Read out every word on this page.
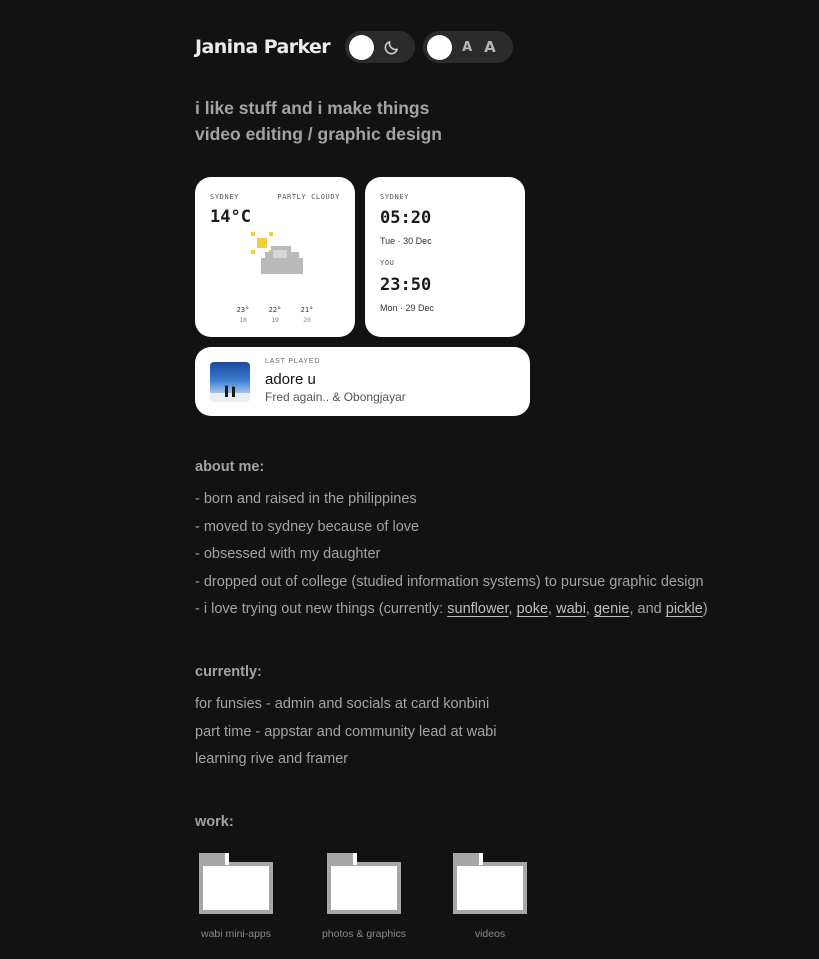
Janina Parker	A A
i like stuff and i make things
video editing / graphic design
SYDNEY	PARTLY CLOUDY
14°C
23°
18
22°
19
21°
20
SYDNEY
05:20
Tue · 30 Dec
YOU
23:50
Mon · 29 Dec
LAST PLAYED
adore u
Fred again.. & Obongjayar
about me:
- born and raised in the philippines
- moved to sydney because of love
- obsessed with my daughter
- dropped out of college (studied information systems) to pursue graphic design
- i love trying out new things (currently: sunflower, poke, wabi, genie, and pickle)
currently:
for funsies - admin and socials at card konbini
part time - appstar and community lead at wabi
learning rive and framer
work:
wabi mini-apps	photos & graphics	videos
